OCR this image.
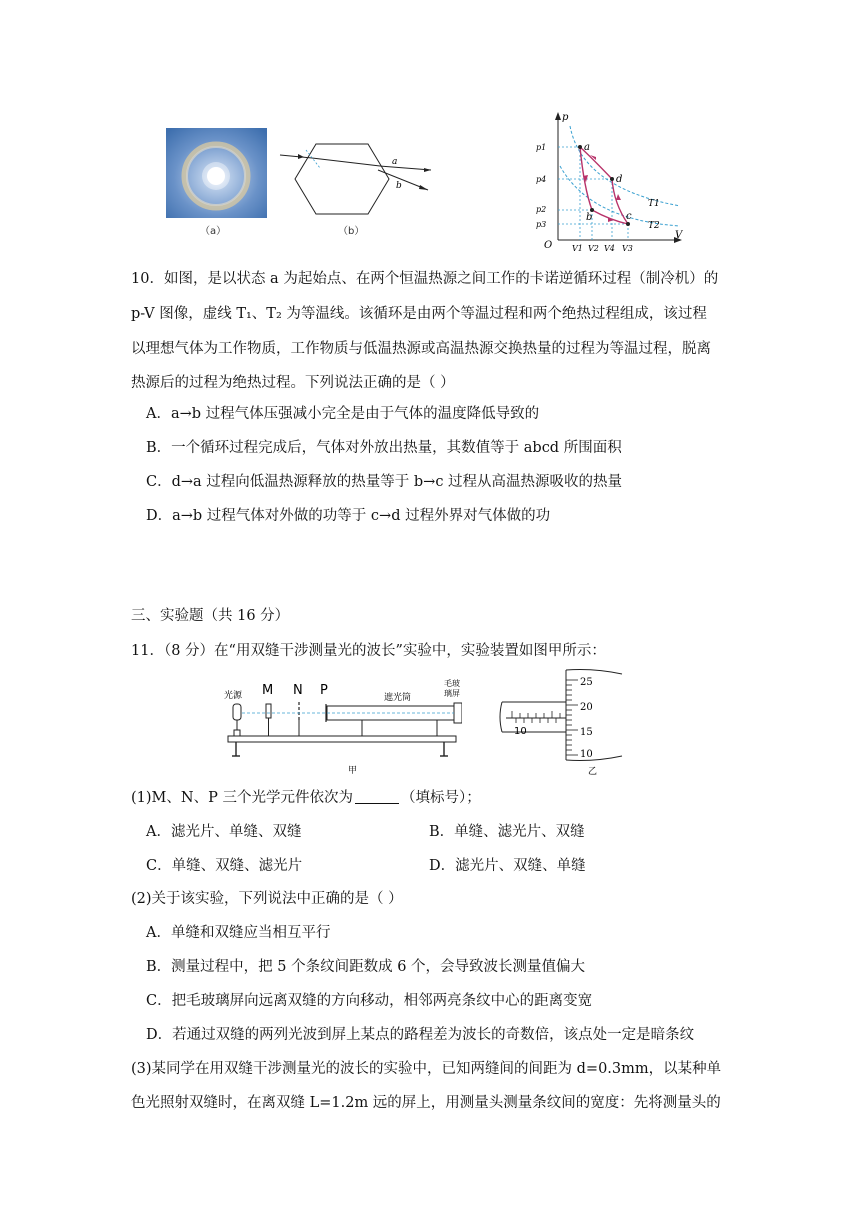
（a）
a
b
（b）
p
V
O
a
d
b	c
T1
T2
p1
p4
p2
p3
V1 V2 V4 V3
10．如图，是以状态 a 为起始点、在两个恒温热源之间工作的卡诺逆循环过程（制冷机）的
p-V 图像，虚线 T₁、T₂ 为等温线。该循环是由两个等温过程和两个绝热过程组成，该过程
以理想气体为工作物质，工作物质与低温热源或高温热源交换热量的过程为等温过程，脱离
热源后的过程为绝热过程。下列说法正确的是（ ）
A．a→b 过程气体压强减小完全是由于气体的温度降低导致的
B．一个循环过程完成后，气体对外放出热量，其数值等于 abcd 所围面积
C．d→a 过程向低温热源释放的热量等于 b→c 过程从高温热源吸收的热量
D．a→b 过程气体对外做的功等于 c→d 过程外界对气体做的功
三、实验题（共 16 分）
11．（8 分）在“用双缝干涉测量光的波长”实验中，实验装置如图甲所示：
光源 M N P	遮光筒
毛玻
璃屏
甲
25
20
15
10
10
乙
(1)M、N、P 三个光学元件依次为	（填标号）；
A．滤光片、单缝、双缝	B．单缝、滤光片、双缝
C．单缝、双缝、滤光片	D．滤光片、双缝、单缝
(2)关于该实验，下列说法中正确的是（ ）
A．单缝和双缝应当相互平行
B．测量过程中，把 5 个条纹间距数成 6 个，会导致波长测量值偏大
C．把毛玻璃屏向远离双缝的方向移动，相邻两亮条纹中心的距离变宽
D．若通过双缝的两列光波到屏上某点的路程差为波长的奇数倍，该点处一定是暗条纹
(3)某同学在用双缝干涉测量光的波长的实验中，已知两缝间的间距为 d=0.3mm，以某种单
色光照射双缝时，在离双缝 L=1.2m 远的屏上，用测量头测量条纹间的宽度：先将测量头的
